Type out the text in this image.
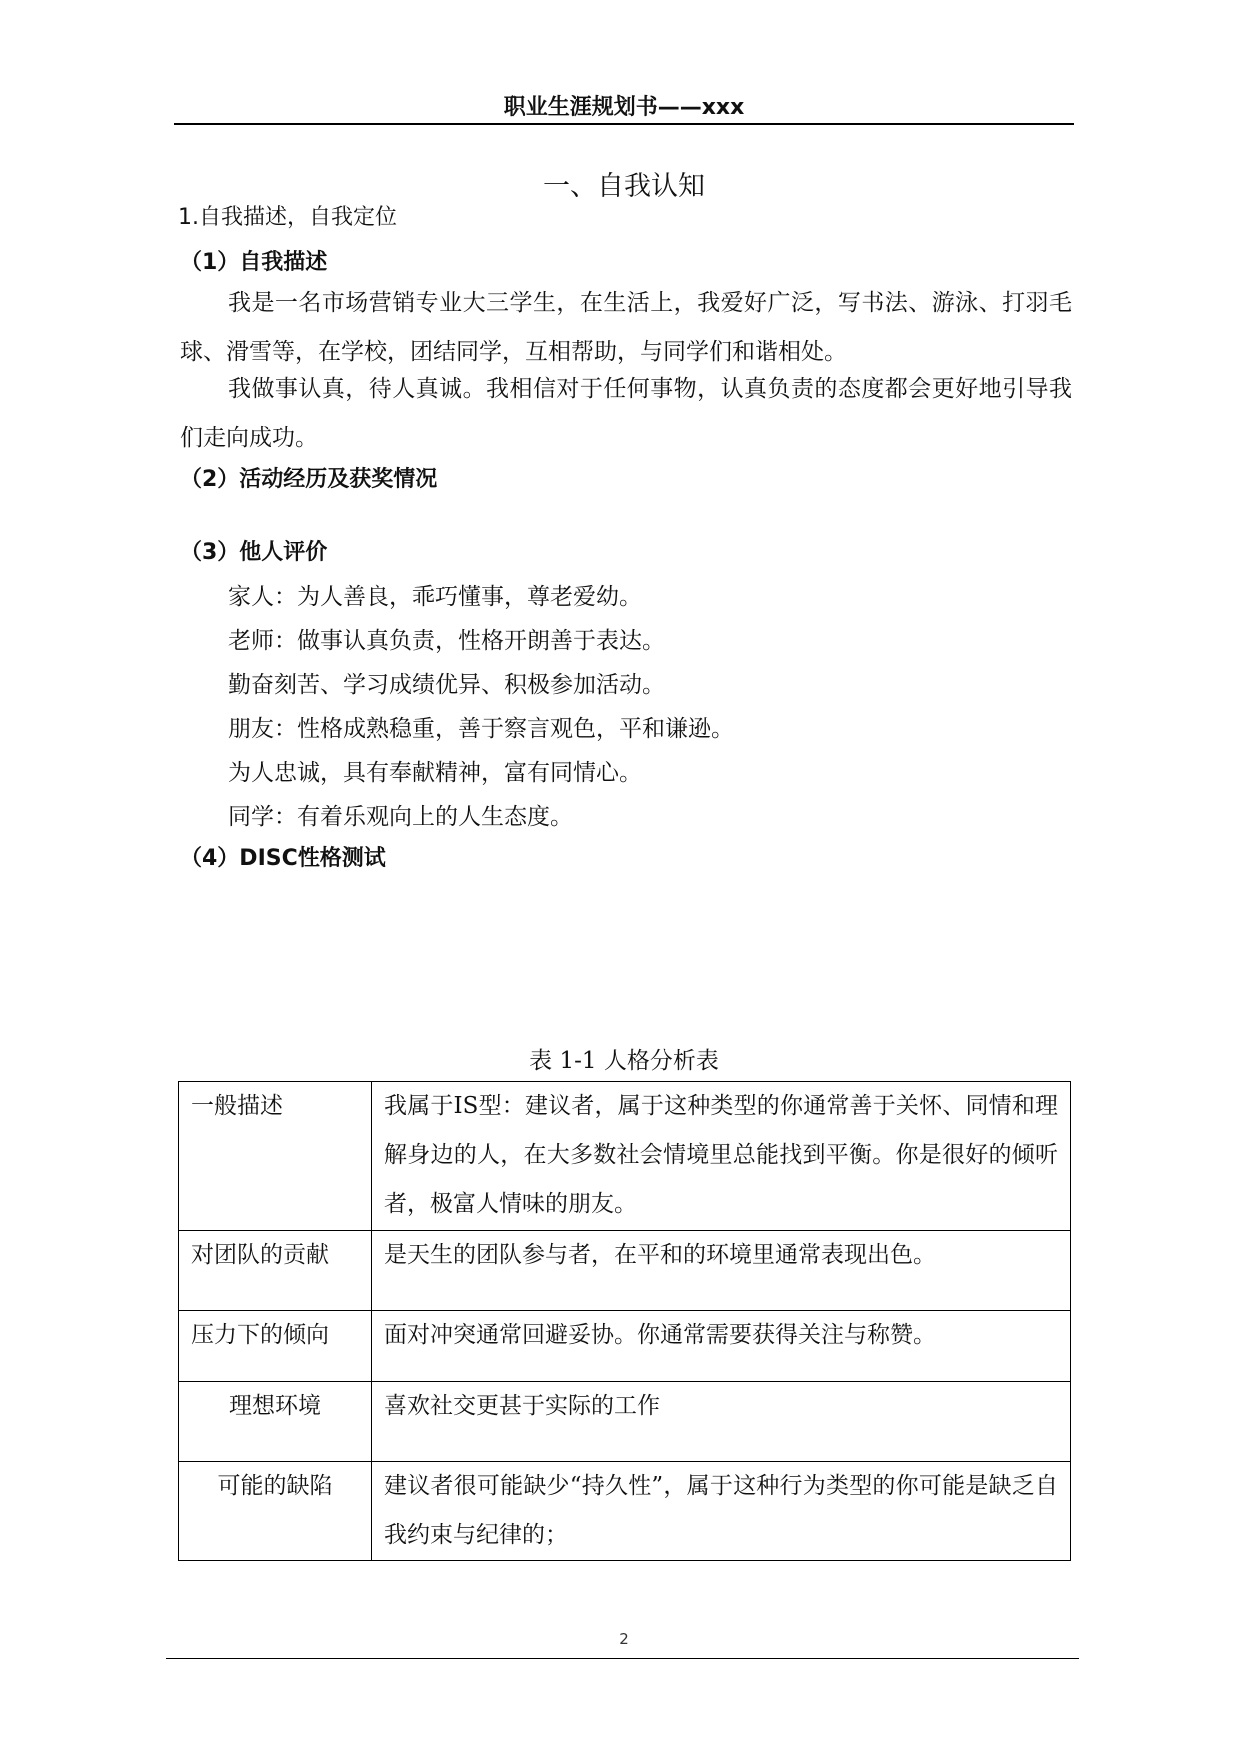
职业生涯规划书——xxx
一、自我认知
1.自我描述，自我定位
（1）自我描述

我是一名市场营销专业大三学生，在生活上，我爱好广泛，写书法、游泳、打羽毛球、滑雪等，在学校，团结同学，互相帮助，与同学们和谐相处。

我做事认真，待人真诚。我相信对于任何事物，认真负责的态度都会更好地引导我们走向成功。

（2）活动经历及获奖情况
（3）他人评价
家人：为人善良，乖巧懂事，尊老爱幼。
老师：做事认真负责，性格开朗善于表达。
勤奋刻苦、学习成绩优异、积极参加活动。
朋友：性格成熟稳重，善于察言观色，平和谦逊。
为人忠诚，具有奉献精神，富有同情心。
同学：有着乐观向上的人生态度。
（4）DISC性格测试
表 1-1 人格分析表
一般描述	我属于IS型：建议者，属于这种类型的你通常善于关怀、同情和理解身边的人，在大多数社会情境里总能找到平衡。你是很好的倾听者，极富人情味的朋友。
对团队的贡献	是天生的团队参与者，在平和的环境里通常表现出色。
压力下的倾向	面对冲突通常回避妥协。你通常需要获得关注与称赞。
理想环境	喜欢社交更甚于实际的工作
可能的缺陷	建议者很可能缺少“持久性”，属于这种行为类型的你可能是缺乏自我约束与纪律的；
2
